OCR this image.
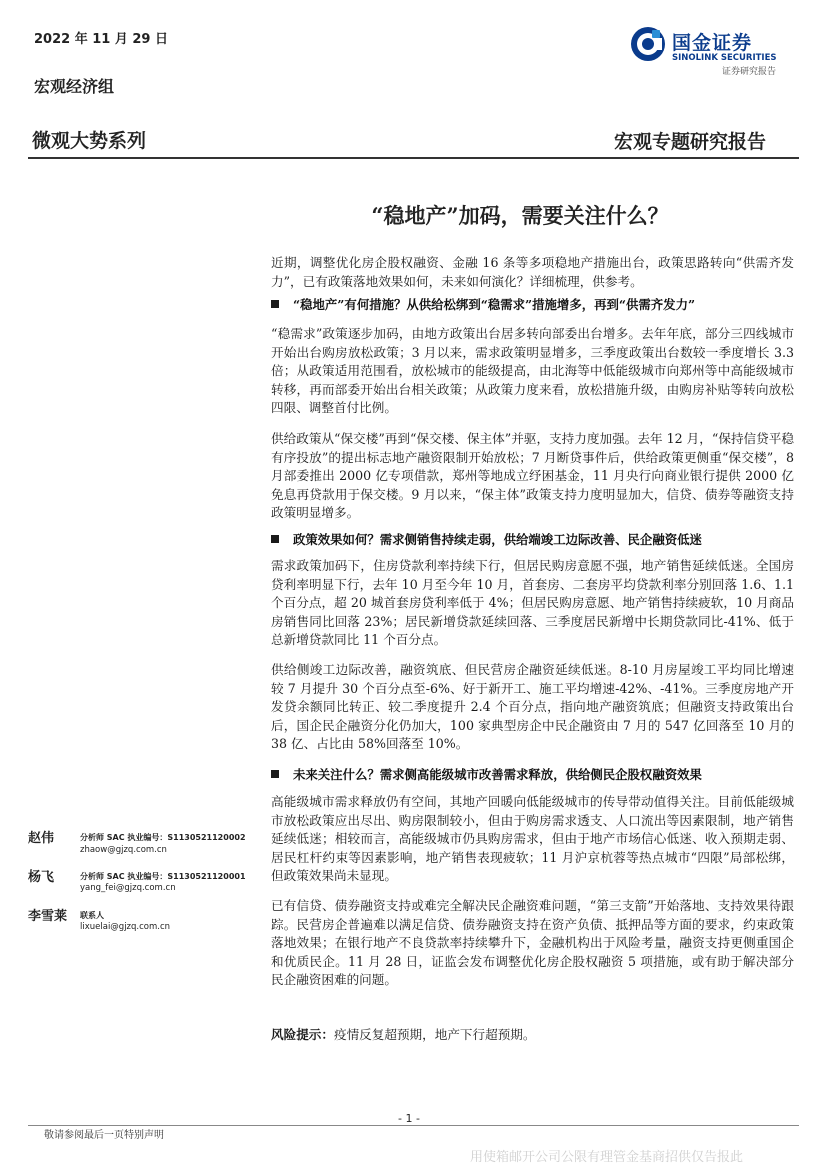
2022 年 11 月 29 日	国金证券
SINOLINK SECURITIES
证券研究报告
宏观经济组
微观大势系列	宏观专题研究报告
“稳地产”加码，需要关注什么？
近期，调整优化房企股权融资、金融 16 条等多项稳地产措施出台，政策思路转向“供需齐发力”，已有政策落地效果如何，未来如何演化？详细梳理，供参考。
“稳地产”有何措施？从供给松绑到“稳需求”措施增多，再到“供需齐发力”
“稳需求”政策逐步加码，由地方政策出台居多转向部委出台增多。去年年底，部分三四线城市开始出台购房放松政策；3 月以来，需求政策明显增多，三季度政策出台数较一季度增长 3.3 倍；从政策适用范围看，放松城市的能级提高，由北海等中低能级城市向郑州等中高能级城市转移，再而部委开始出台相关政策；从政策力度来看，放松措施升级，由购房补贴等转向放松四限、调整首付比例。
供给政策从“保交楼”再到“保交楼、保主体”并驱，支持力度加强。去年 12 月，“保持信贷平稳有序投放”的提出标志地产融资限制开始放松；7 月断贷事件后，供给政策更侧重“保交楼”，8 月部委推出 2000 亿专项借款，郑州等地成立纾困基金，11 月央行向商业银行提供 2000 亿免息再贷款用于保交楼。9 月以来，“保主体”政策支持力度明显加大，信贷、债券等融资支持政策明显增多。
政策效果如何？需求侧销售持续走弱，供给端竣工边际改善、民企融资低迷
需求政策加码下，住房贷款利率持续下行，但居民购房意愿不强，地产销售延续低迷。全国房贷利率明显下行，去年 10 月至今年 10 月，首套房、二套房平均贷款利率分别回落 1.6、1.1 个百分点，超 20 城首套房贷利率低于 4%；但居民购房意愿、地产销售持续疲软，10 月商品房销售同比回落 23%；居民新增贷款延续回落、三季度居民新增中长期贷款同比-41%、低于总新增贷款同比 11 个百分点。
供给侧竣工边际改善，融资筑底、但民营房企融资延续低迷。8-10 月房屋竣工平均同比增速较 7 月提升 30 个百分点至-6%、好于新开工、施工平均增速-42%、-41%。三季度房地产开发贷余额同比转正、较二季度提升 2.4 个百分点，指向地产融资筑底；但融资支持政策出台后，国企民企融资分化仍加大，100 家典型房企中民企融资由 7 月的 547 亿回落至 10 月的 38 亿、占比由 58%回落至 10%。
未来关注什么？需求侧高能级城市改善需求释放，供给侧民企股权融资效果
高能级城市需求释放仍有空间，其地产回暖向低能级城市的传导带动值得关注。目前低能级城市放松政策应出尽出、购房限制较小，但由于购房需求透支、人口流出等因素限制，地产销售延续低迷；相较而言，高能级城市仍具购房需求，但由于地产市场信心低迷、收入预期走弱、居民杠杆约束等因素影响，地产销售表现疲软；11 月沪京杭蓉等热点城市“四限”局部松绑，但政策效果尚未显现。
已有信贷、债券融资支持或难完全解决民企融资难问题，“第三支箭”开始落地、支持效果待跟踪。民营房企普遍难以满足信贷、债券融资支持在资产负债、抵押品等方面的要求，约束政策落地效果；在银行地产不良贷款率持续攀升下，金融机构出于风险考量，融资支持更侧重国企和优质民企。11 月 28 日，证监会发布调整优化房企股权融资 5 项措施，或有助于解决部分民企融资困难的问题。
赵伟	分析师 SAC 执业编号：S1130521120002
zhaow@gjzq.com.cn
杨飞	分析师 SAC 执业编号：S1130521120001
yang_fei@gjzq.com.cn
李雪莱 联系人
lixuelai@gjzq.com.cn
风险提示：疫情反复超预期，地产下行超预期。
- 1 -
敬请参阅最后一页特别声明
用使箱邮开公司公限有理管金基商招供仅告报此
